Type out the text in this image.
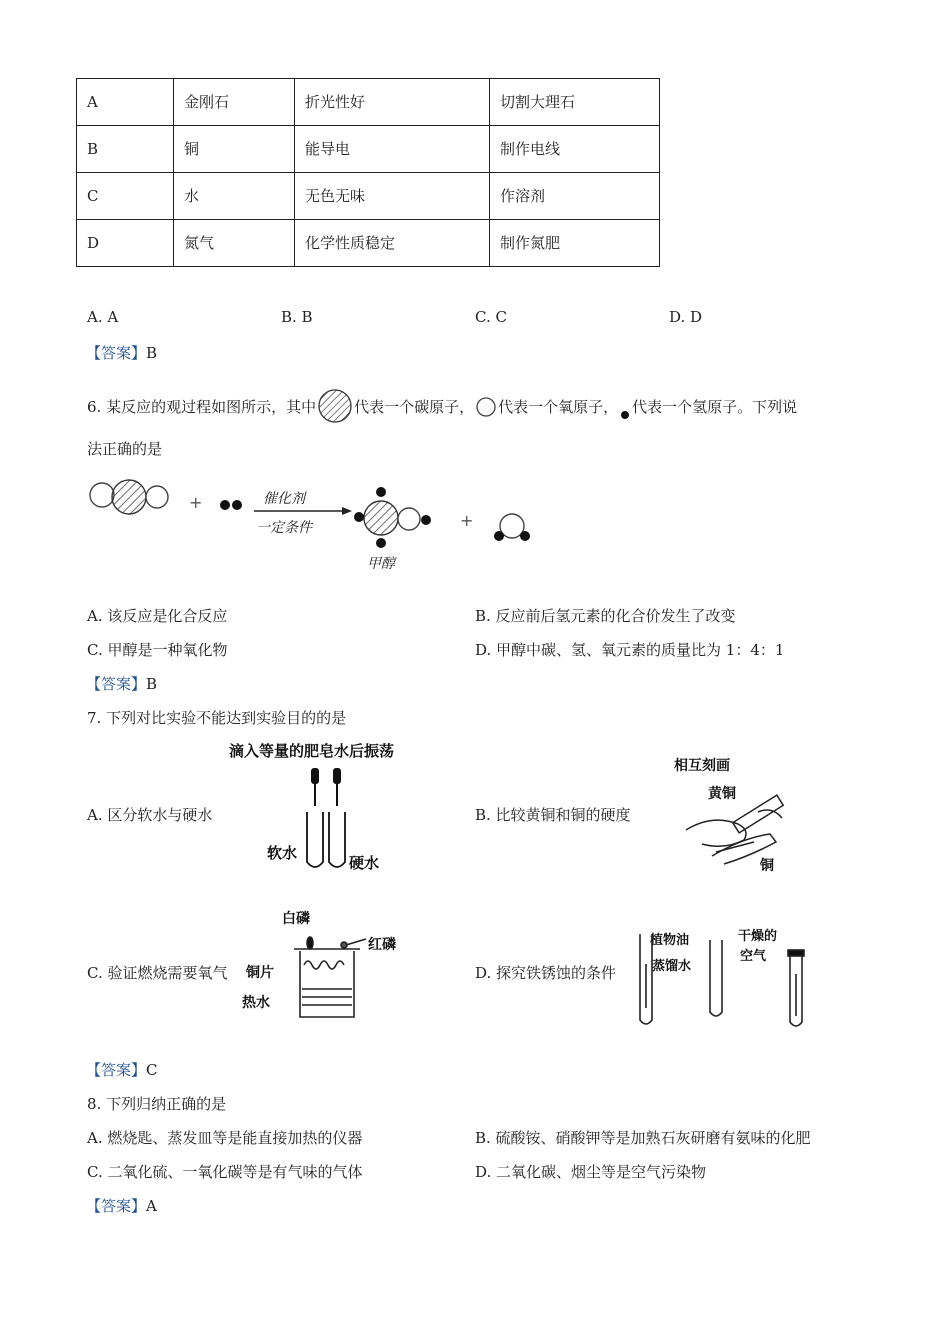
A	金刚石	折光性好	切割大理石
B	铜	能导电	制作电线
C	水	无色无味	作溶剂
D	氮气	化学性质稳定	制作氮肥
A. A	B. B	C. C	D. D
【答案】B
6. 某反应的观过程如图所示，其中	代表一个碳原子， 代表一个氧原子， 代表一个氢原子。下列说
法正确的是
+	催化剂
一定条件
甲醇
+
A. 该反应是化合反应	B. 反应前后氢元素的化合价发生了改变
C. 甲醇是一种氧化物	D. 甲醇中碳、氢、氧元素的质量比为 1：4：1
【答案】B
7. 下列对比实验不能达到实验目的的是
A. 区分软水与硬水	B. 比较黄铜和铜的硬度
C. 验证燃烧需要氧气	D. 探究铁锈蚀的条件
滴入等量的肥皂水后振荡
软水
硬水
相互刻画
黄铜
铜
白磷
红磷
铜片
热水
植物油
蒸馏水
干燥的
空气
【答案】C
8. 下列归纳正确的是
A. 燃烧匙、蒸发皿等是能直接加热的仪器	B. 硫酸铵、硝酸钾等是加熟石灰研磨有氨味的化肥
C. 二氧化硫、一氧化碳等是有气味的气体	D. 二氧化碳、烟尘等是空气污染物
【答案】A
